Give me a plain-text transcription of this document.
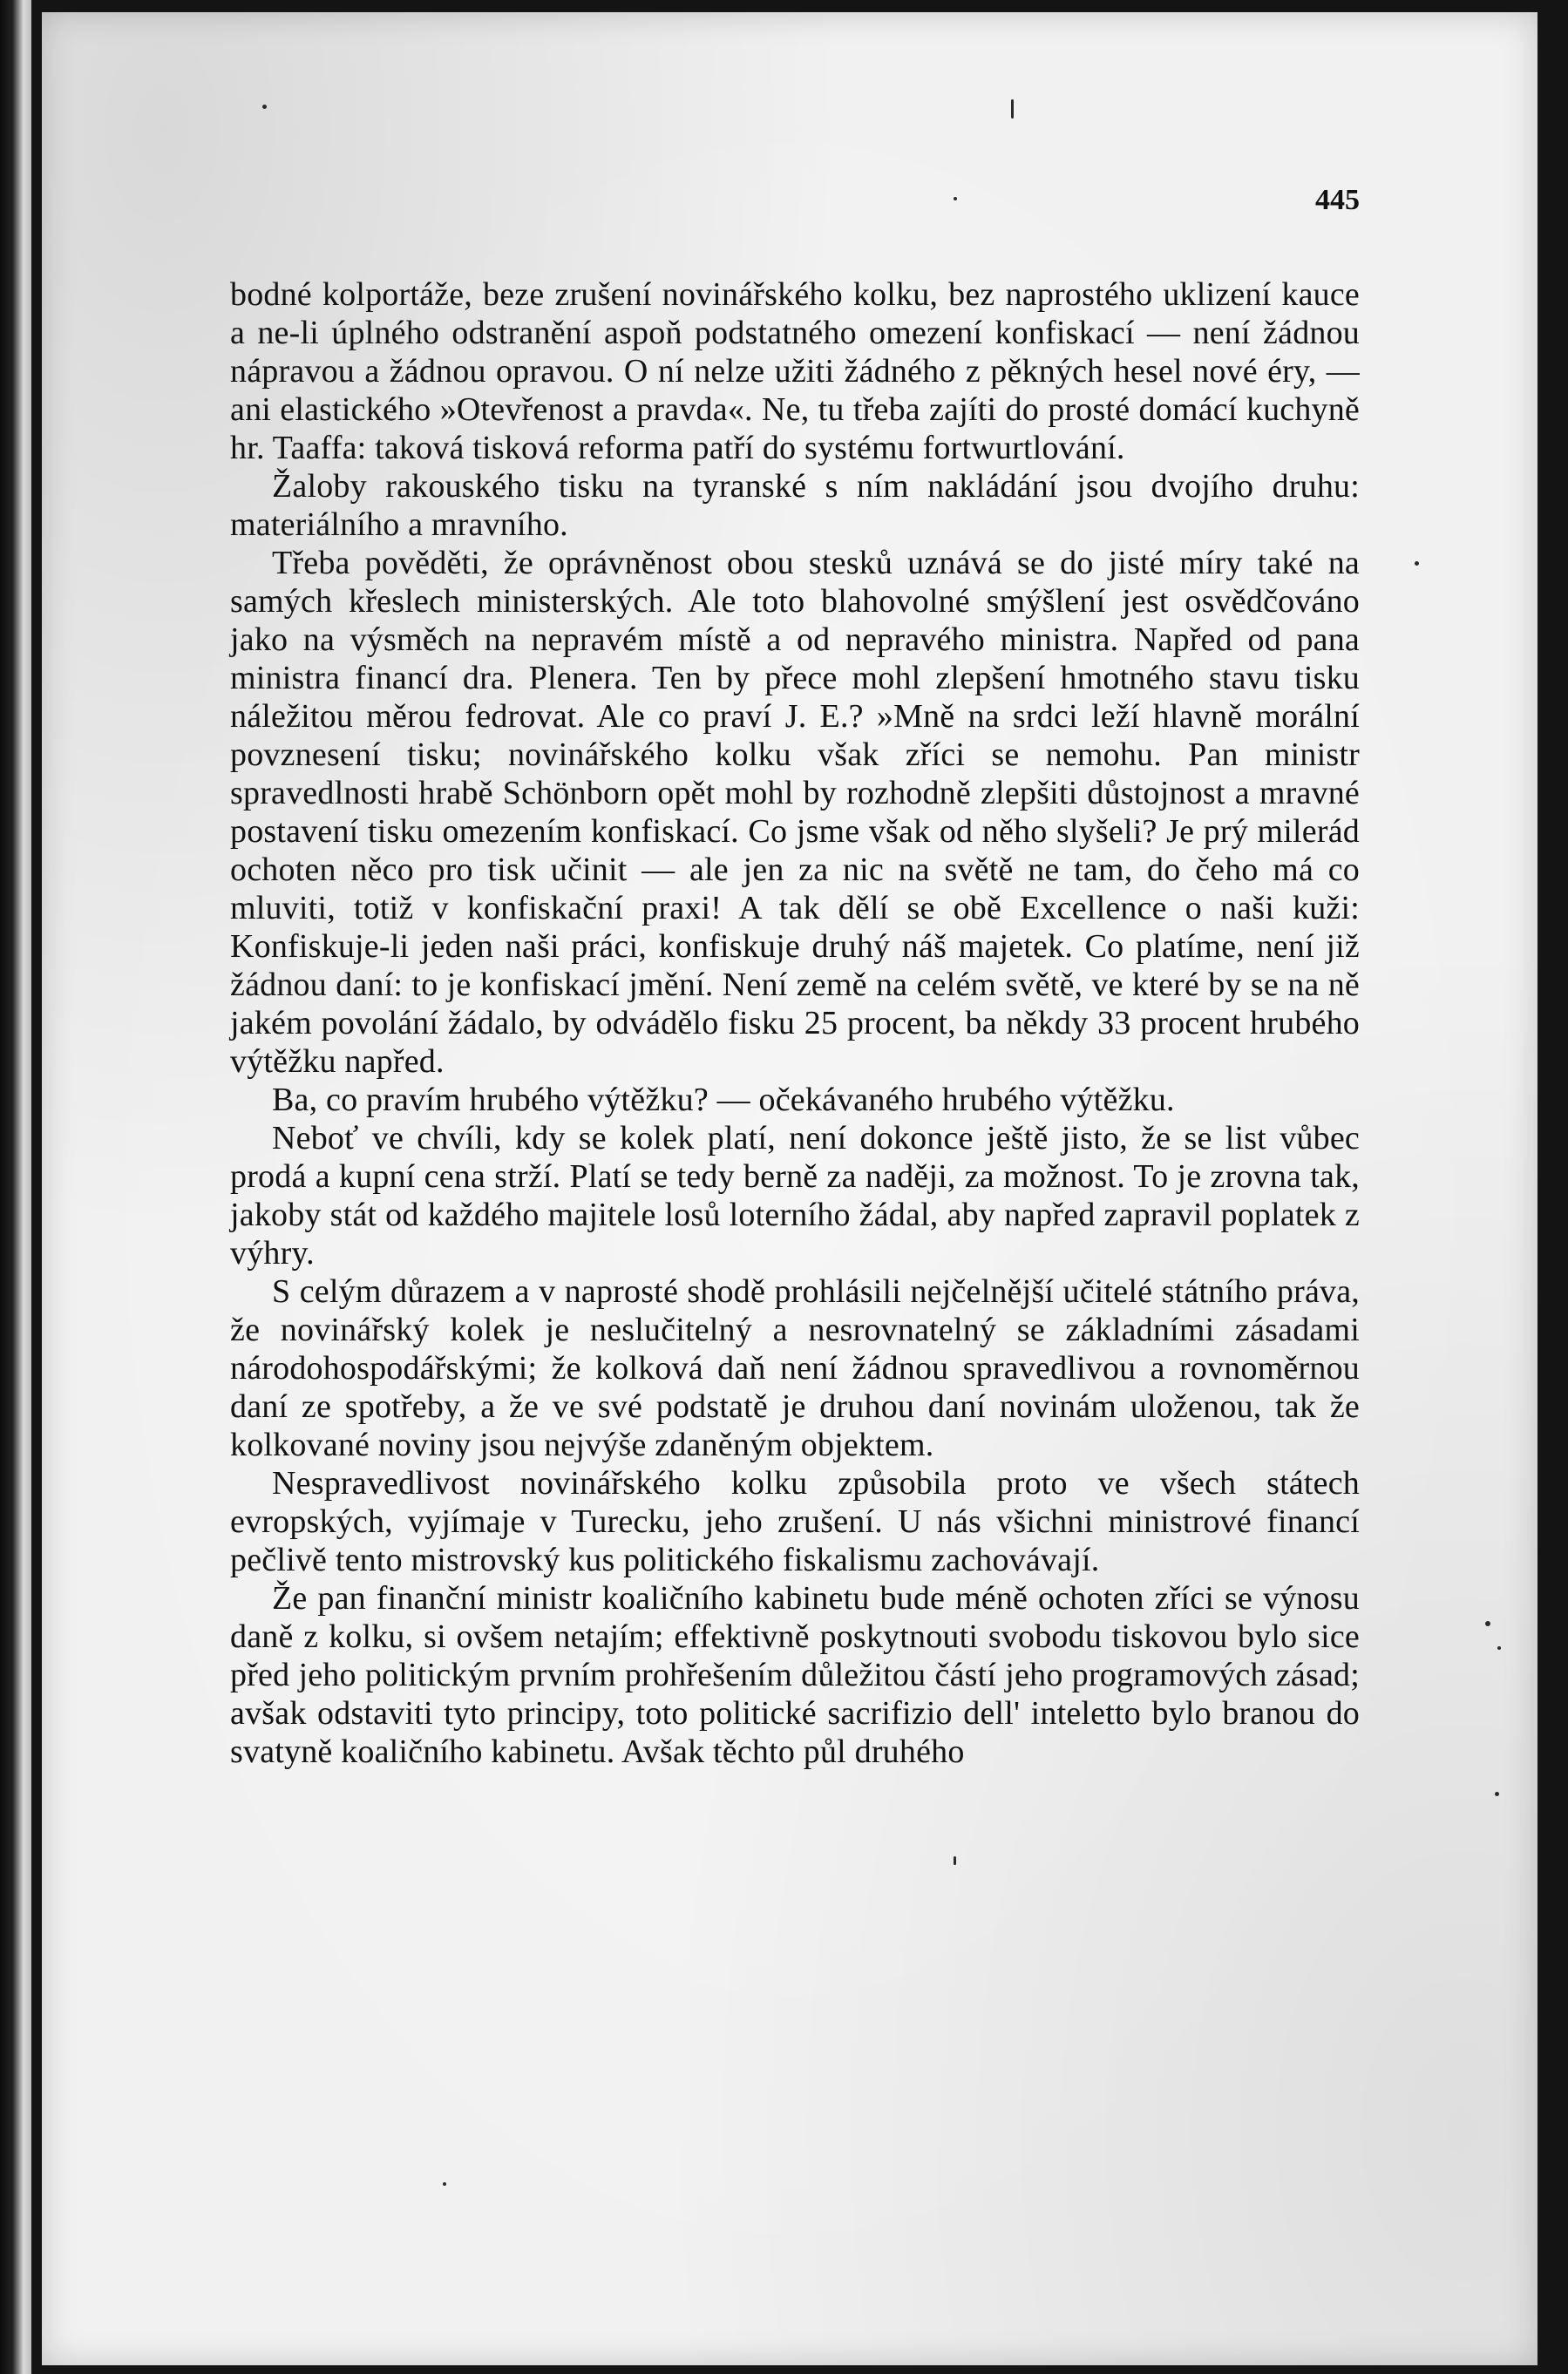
445

bodné kolportáže, beze zrušení novinářského kolku, bez naprostého uklizení kauce a ne-li úplného odstranění aspoň podstatného omezení konfiskací — není žádnou nápravou a žádnou opravou. O ní nelze užiti žádného z pěkných hesel nové éry, — ani elastického »Otevřenost a pravda«. Ne, tu třeba zajíti do prosté domácí kuchyně hr. Taaffa: taková tisková reforma patří do systému fortwurtlování.

Žaloby rakouského tisku na tyranské s ním nakládání jsou dvojího druhu: materiálního a mravního.

Třeba pověděti, že oprávněnost obou stesků uznává se do jisté míry také na samých křeslech ministerských. Ale toto blahovolné smýšlení jest osvědčováno jako na výsměch na nepravém místě a od nepravého ministra. Napřed od pana ministra financí dra. Plenera. Ten by přece mohl zlepšení hmotného stavu tisku náležitou měrou fedrovat. Ale co praví J. E.? »Mně na srdci leží hlavně morální povznesení tisku; novinářského kolku však zříci se nemohu. Pan ministr spravedlnosti hrabě Schönborn opět mohl by rozhodně zlepšiti důstojnost a mravné postavení tisku omezením konfiskací. Co jsme však od něho slyšeli? Je prý milerád ochoten něco pro tisk učinit — ale jen za nic na světě ne tam, do čeho má co mluviti, totiž v konfiskační praxi! A tak dělí se obě Excellence o naši kuži: Konfiskuje-li jeden naši práci, konfiskuje druhý náš majetek. Co platíme, není již žádnou daní: to je konfiskací jmění. Není země na celém světě, ve které by se na ně jakém povolání žádalo, by odvádělo fisku 25 procent, ba někdy 33 procent hrubého výtěžku napřed.

Ba, co pravím hrubého výtěžku? — očekávaného hrubého výtěžku.

Neboť ve chvíli, kdy se kolek platí, není dokonce ještě jisto, že se list vůbec prodá a kupní cena strží. Platí se tedy berně za naději, za možnost. To je zrovna tak, jakoby stát od každého majitele losů loterního žádal, aby napřed zapravil poplatek z výhry.

S celým důrazem a v naprosté shodě prohlásili nejčelnější učitelé státního práva, že novinářský kolek je neslučitelný a nesrovnatelný se základními zásadami národohospodářskými; že kolková daň není žádnou spravedlivou a rovnoměrnou daní ze spotřeby, a že ve své podstatě je druhou daní novinám uloženou, tak že kolkované noviny jsou nejvýše zdaněným objektem.

Nespravedlivost novinářského kolku způsobila proto ve všech státech evropských, vyjímaje v Turecku, jeho zrušení. U nás všichni ministrové financí pečlivě tento mistrovský kus politického fiskalismu zachovávají.

Že pan finanční ministr koaličního kabinetu bude méně ochoten zříci se výnosu daně z kolku, si ovšem netajím; effektivně poskytnouti svobodu tiskovou bylo sice před jeho politickým prvním prohřešením důležitou částí jeho programových zásad; avšak odstaviti tyto principy, toto politické sacrifizio dell' inteletto bylo branou do svatyně koaličního kabinetu. Avšak těchto půl druhého
